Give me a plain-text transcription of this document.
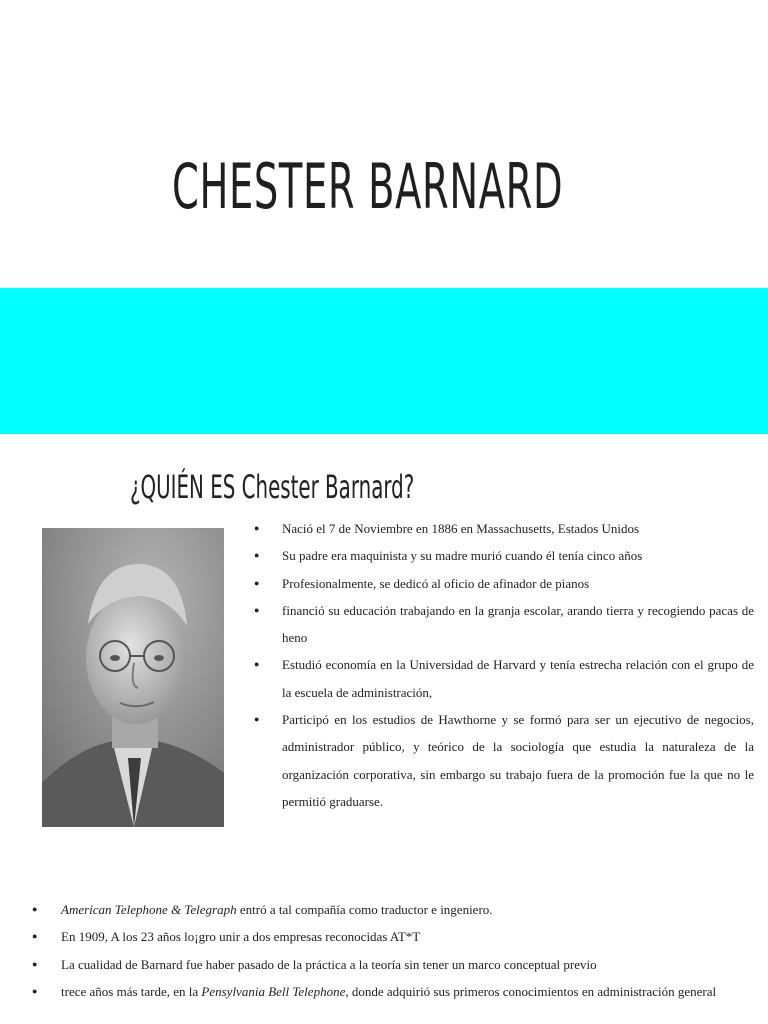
CHESTER BARNARD
¿QUIÉN ES Chester Barnard?
● Nació el 7 de Noviembre en 1886 en Massachusetts, Estados Unidos
● Su padre era maquinista y su madre murió cuando él tenía cinco años
● Profesionalmente, se dedicó al oficio de afinador de pianos
● financió su educación trabajando en la granja escolar, arando tierra y recogiendo pacas de heno
● Estudió economía en la Universidad de Harvard y tenía estrecha relación con el grupo de la escuela de administración,
● Participó en los estudios de Hawthorne y se formó para ser un ejecutivo de negocios, administrador público, y teórico de la sociología que estudia la naturaleza de la organización corporativa, sin embargo su trabajo fuera de la promoción fue la que no le permitió graduarse.
● American Telephone & Telegraph entró a tal compañía como traductor e ingeniero.
● En 1909, A los 23 años lo¡gro unir a dos empresas reconocidas AT*T
● La cualidad de Barnard fue haber pasado de la práctica a la teoría sin tener un marco conceptual previo
● trece años más tarde, en la Pensylvania Bell Telephone, donde adquirió sus primeros conocimientos en administración general
